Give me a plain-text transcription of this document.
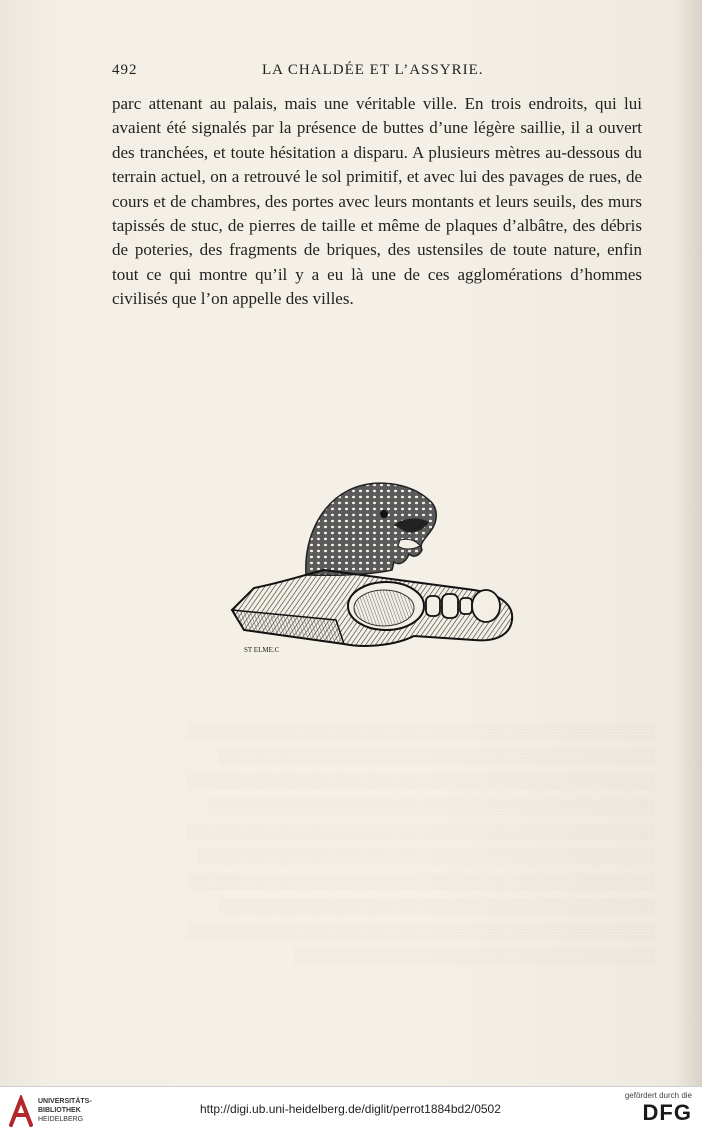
░░░░░░░░░░░░░░░░░░░░░░░░░░░░░░░░░░░░░░░░░░░░
░░░░░░░░░░░░░░░░░░░░░░░░░░░░░░░░░░░░░░░░░
░░░░░░░░░░░░░░░░░░░░░░░░░░░░░░░░░░░░░░░░░░░░
░░░░░░░░░░░░░░░░░░░░░░░░░░░░░░░░░░░░░░░░░░
░░░░░░░░░░░░░░░░░░░░░░░░░░░░░░░░░░░░░░░░░░░░
░░░░░░░░░░░░░░░░░░░░░░░░░░░░░░░░░░░░░░░░░░░
░░░░░░░░░░░░░░░░░░░░░░░░░░░░░░░░░░░░░░░░░░░░
░░░░░░░░░░░░░░░░░░░░░░░░░░░░░░░░░░░░░░░░░
░░░░░░░░░░░░░░░░░░░░░░░░░░░░░░░░░░░░░░░░░░░░
░░░░░░░░░░░░░░░░░░░░░░░░░░░░░░░░░░
492	LA CHALDÉE ET L’ASSYRIE.
parc attenant au palais, mais une véritable ville. En trois endroits, qui lui avaient été signalés par la présence de buttes d’une légère saillie, il a ouvert des tranchées, et toute hésitation a disparu. A plusieurs mètres au-dessous du terrain actuel, on a retrouvé le sol primitif, et avec lui des pavages de rues, de cours et de chambres, des portes avec leurs montants et leurs seuils, des murs tapissés de stuc, de pierres de taille et même de plaques d’albâtre, des débris de poteries, des fragments de briques, des ustensiles de toute nature, enfin tout ce qui montre qu’il y a eu là une de ces agglomérations d’hommes civilisés que l’on appelle des villes.
ST ELME.C
UNIVERSITÄTS-
BIBLIOTHEK
HEIDELBERG
http://digi.ub.uni-heidelberg.de/diglit/perrot1884bd2/0502
gefördert durch die
DFG
